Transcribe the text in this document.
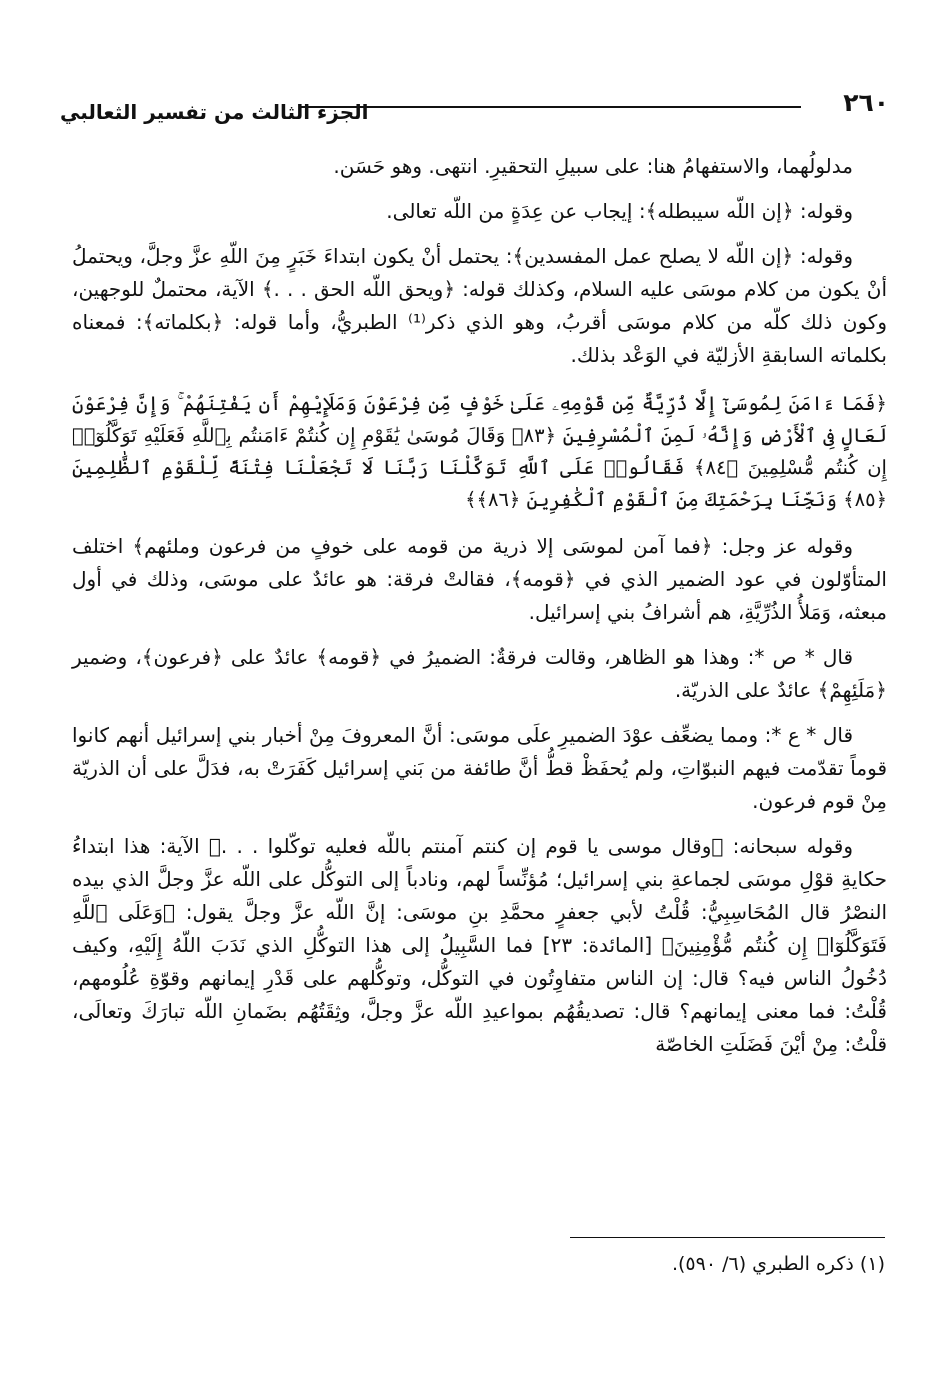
٢٦٠
الجزء الثالث من تفسير الثعالبي

مدلولُهما، والاستفهامُ هنا: على سبيلِ التحقيرِ. انتهى. وهو حَسَن.

وقوله: ﴿إن اللّه سيبطله﴾: إيجاب عن عِدَةٍ من اللّه تعالى.

وقوله: ﴿إن اللّه لا يصلح عمل المفسدين﴾: يحتمل أنْ يكون ابتداءَ خَبَرٍ مِنَ اللّهِ عزَّ وجلَّ، ويحتملُ أنْ يكون من كلام موسَى عليه السلام، وكذلك قوله: ﴿ويحق اللّه الحق . . .﴾ الآية، محتملٌ للوجهين، وكون ذلك كلّه من كلام موسَى أقربُ، وهو الذي ذكر⁽¹⁾ الطبريُّ، وأما قوله: ﴿بكلماته﴾: فمعناه بكلماته السابقةِ الأزليّة في الوَعْد بذلك.

﴿فَمَا ءَامَنَ لِمُوسَىٰٓ إِلَّا ذُرِّيَّةٌ مِّن قَوْمِهِۦ عَلَىٰ خَوْفٍ مِّن فِرْعَوْنَ وَمَلَإِيْهِمْ أَن يَفْتِنَهُمْ ۚ وَإِنَّ فِرْعَوْنَ لَعَالٍ فِى ٱلْأَرْضِ وَإِنَّهُۥ لَمِنَ ٱلْمُسْرِفِينَ ﴿٨٣﴾ وَقَالَ مُوسَىٰ يَٰقَوْمِ إِن كُنتُمْ ءَامَنتُم بِٱللَّهِ فَعَلَيْهِ تَوَكَّلُوٓا۟ إِن كُنتُم مُّسْلِمِينَ ﴿٨٤﴾ فَقَالُوا۟ عَلَى ٱللَّهِ تَوَكَّلْنَا رَبَّنَا لَا تَجْعَلْنَا فِتْنَةً لِّلْقَوْمِ ٱلظَّٰلِمِينَ ﴿٨٥﴾ وَنَجِّنَا بِرَحْمَتِكَ مِنَ ٱلْقَوْمِ ٱلْكَٰفِرِينَ ﴿٨٦﴾﴾

وقوله عز وجل: ﴿فما آمن لموسَى إلا ذرية من قومه على خوفٍ من فرعون وملئهم﴾ اختلف المتأوّلون في عود الضمير الذي في ﴿قومه﴾، فقالتْ فرقة: هو عائدٌ على موسَى، وذلك في أول مبعثه، وَمَلأُ الذُرِّيَّةِ، هم أشرافُ بني إسرائيل.

قال * ص *: وهذا هو الظاهر، وقالت فرقةٌ: الضميرُ في ﴿قومه﴾ عائدٌ على ﴿فرعون﴾، وضمير ﴿مَلَئِهِمْ﴾ عائدٌ على الذريّة.

قال * ع *: ومما يضعِّف عوْدَ الضميرِ علَى موسَى: أنَّ المعروفَ مِنْ أخبار بني إسرائيل أنهم كانوا قوماً تقدّمت فيهم النبوّاتِ، ولم يُحفَظْ قطُّ أنَّ طائفة من بَني إسرائيل كَفَرَتْ به، فدَلَّ على أن الذريّة مِنْ قوم فرعون.

وقوله سبحانه: ﴿وقال موسى يا قوم إن كنتم آمنتم باللّه فعليه توكّلوا . . .﴾ الآية: هذا ابتداءُ حكايةِ قوْلِ موسَى لجماعةِ بني إسرائيل؛ مُؤنِّساً لهم، ونادباً إلى التوكُّل على اللّه عزَّ وجلَّ الذي بيده النصْرُ قال المُحَاسِبِيُّ: قُلْتُ لأبي جعفرٍ محمَّدِ بنِ موسَى: إنَّ اللّه عزَّ وجلَّ يقول: ﴿وَعَلَى ٱللَّهِ فَتَوَكَّلُوٓا۟ إِن كُنتُم مُّؤْمِنِينَ﴾ [المائدة: ٢٣] فما السَّبِيلُ إلى هذا التوكُّلِ الذي نَدَبَ اللّهُ إِلَيْهِ، وكيف دُخُولُ الناس فيه؟ قال: إن الناس متفاوِتُون في التوكُّل، وتوكُّلهم على قَدْرِ إيمانهم وقوّةِ عُلُومهم، قُلْتُ: فما معنى إيمانهم؟ قال: تصديقُهُم بمواعيدِ اللّه عزَّ وجلَّ، وثِقَتُهُم بضَمانِ اللّه تبارَكَ وتعالَى، قلْتُ: مِنْ أيْنَ فَضَلَتِ الخاصّة

(١) ذكره الطبري (٦/ ٥٩٠).
